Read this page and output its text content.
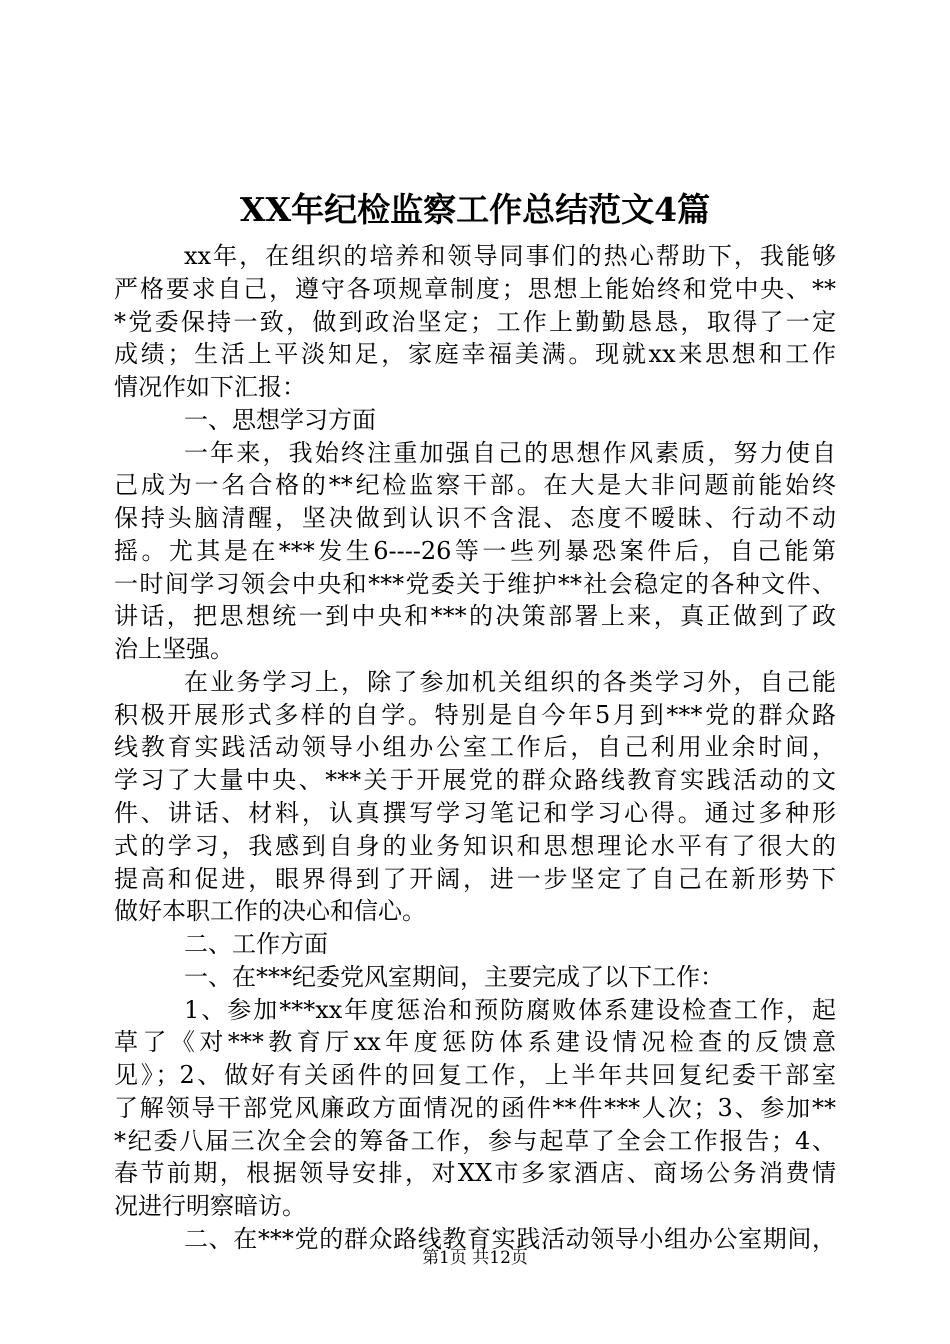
XX年纪检监察工作总结范文4篇
xx年，在组织的培养和领导同事们的热心帮助下，我能够
严格要求自己，遵守各项规章制度；思想上能始终和党中央、**
*党委保持一致，做到政治坚定；工作上勤勤恳恳，取得了一定
成绩；生活上平淡知足，家庭幸福美满。现就xx来思想和工作
情况作如下汇报：
一、思想学习方面
一年来，我始终注重加强自己的思想作风素质，努力使自
己成为一名合格的**纪检监察干部。在大是大非问题前能始终
保持头脑清醒，坚决做到认识不含混、态度不暧昧、行动不动
摇。尤其是在***发生6----26等一些列暴恐案件后，自己能第
一时间学习领会中央和***党委关于维护**社会稳定的各种文件、
讲话，把思想统一到中央和***的决策部署上来，真正做到了政
治上坚强。
在业务学习上，除了参加机关组织的各类学习外，自己能
积极开展形式多样的自学。特别是自今年5月到***党的群众路
线教育实践活动领导小组办公室工作后，自己利用业余时间，
学习了大量中央、***关于开展党的群众路线教育实践活动的文
件、讲话、材料，认真撰写学习笔记和学习心得。通过多种形
式的学习，我感到自身的业务知识和思想理论水平有了很大的
提高和促进，眼界得到了开阔，进一步坚定了自己在新形势下
做好本职工作的决心和信心。
二、工作方面
一、在***纪委党风室期间，主要完成了以下工作：
1、参加***xx年度惩治和预防腐败体系建设检查工作，起
草了《对***教育厅xx年度惩防体系建设情况检查的反馈意
见》；2、做好有关函件的回复工作，上半年共回复纪委干部室
了解领导干部党风廉政方面情况的函件**件***人次；3、参加**
*纪委八届三次全会的筹备工作，参与起草了全会工作报告；4、
春节前期，根据领导安排，对XX市多家酒店、商场公务消费情
况进行明察暗访。
二、在***党的群众路线教育实践活动领导小组办公室期间，
第1页 共12页
